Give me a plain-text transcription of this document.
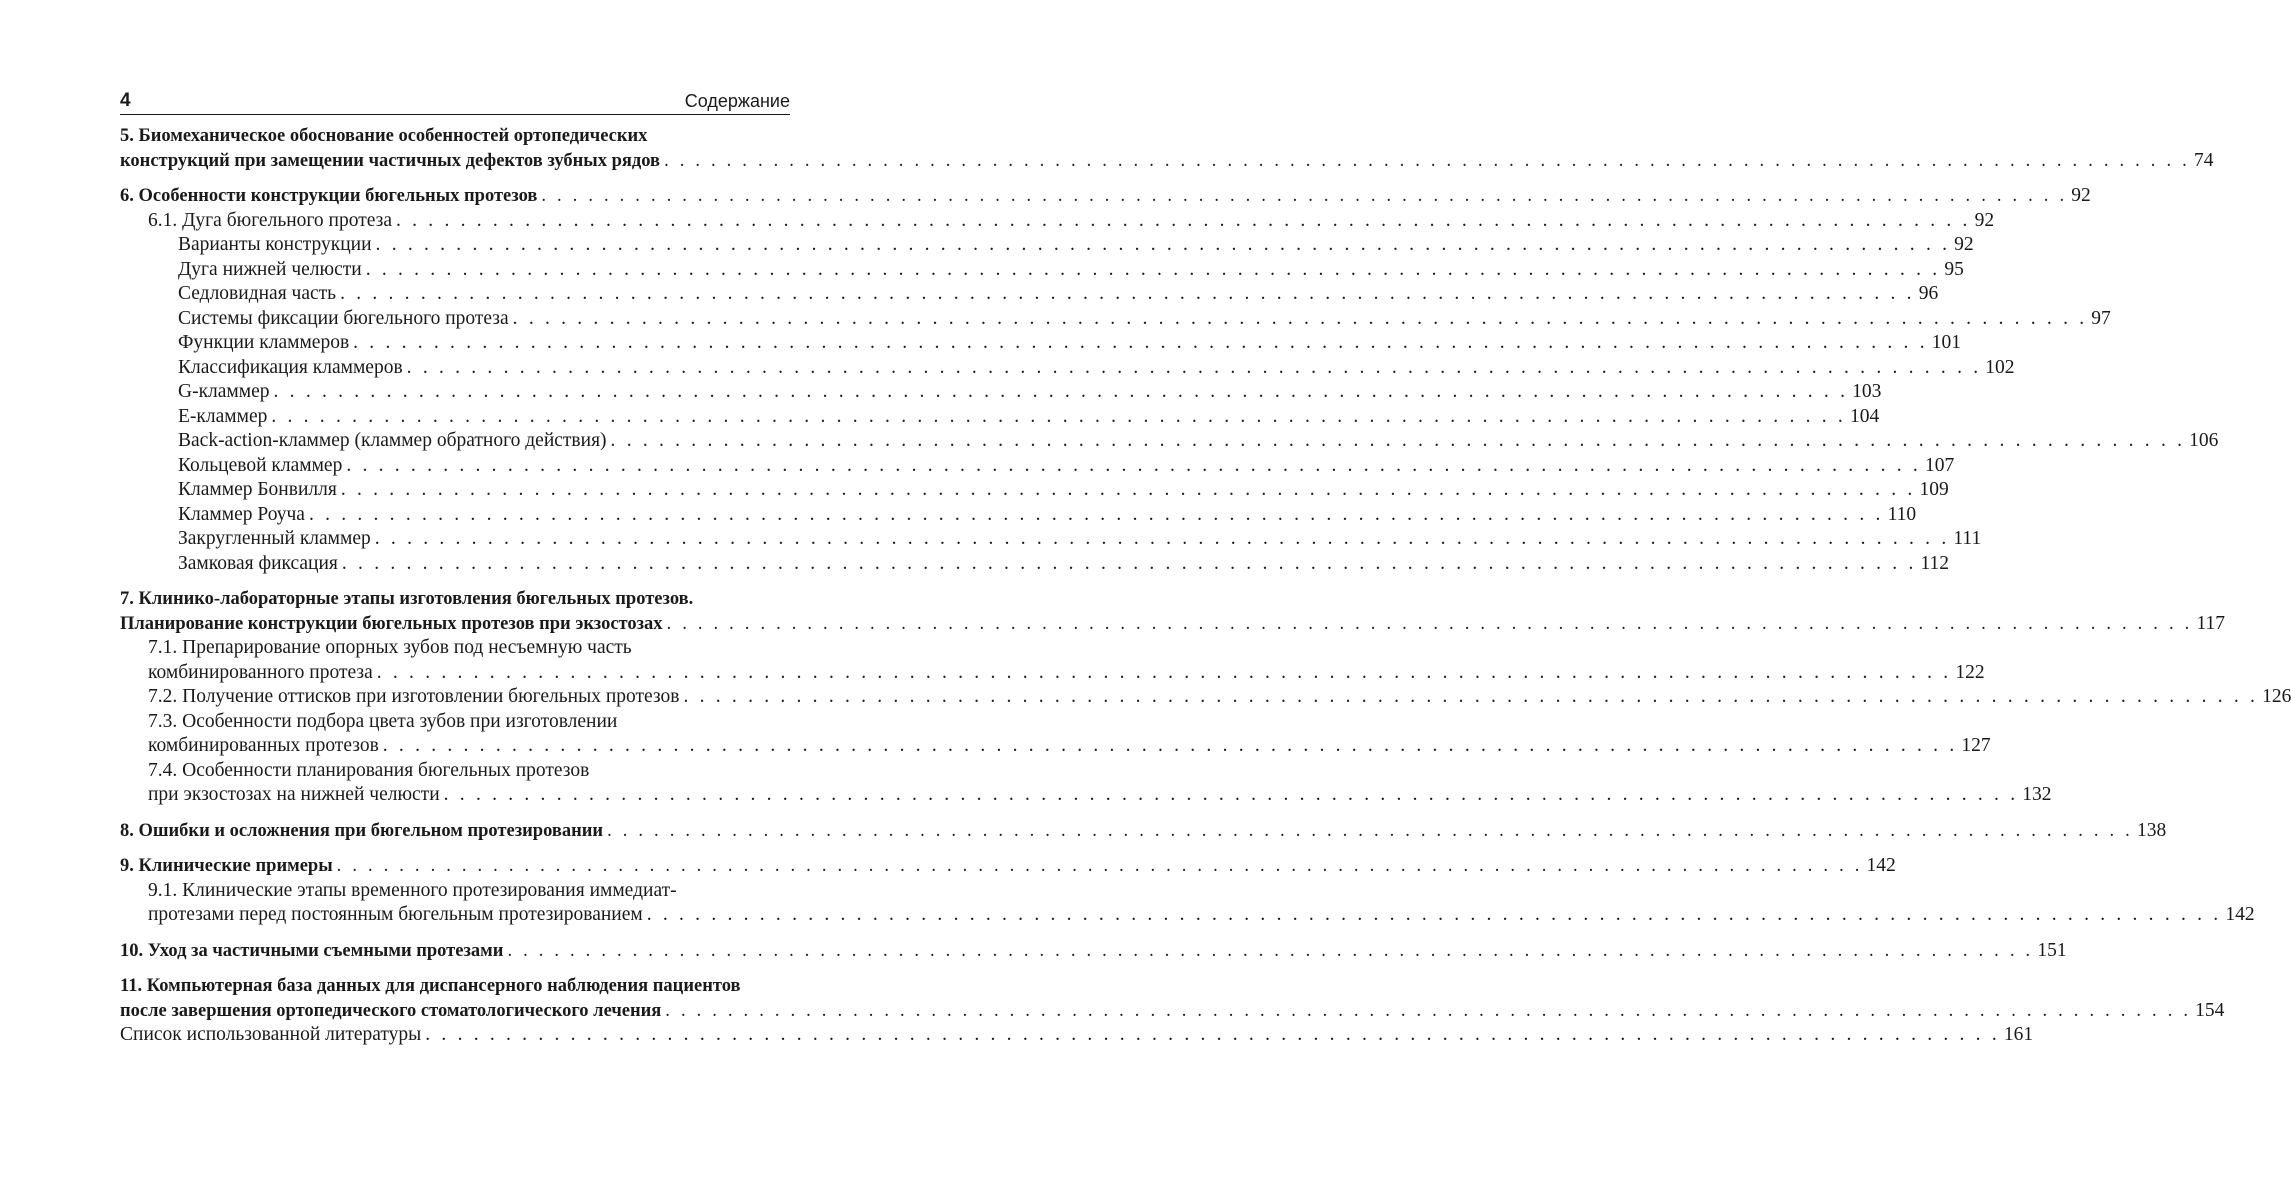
4	Содержание
5. Биомеханическое обоснование особенностей ортопедических
конструкций при замещении частичных дефектов зубных рядов . . .	74
6. Особенности конструкции бюгельных протезов . . .	92
6.1. Дуга бюгельного протеза . . .	92
Варианты конструкции . . .	92
Дуга нижней челюсти . . .	95
Седловидная часть . . .	96
Системы фиксации бюгельного протеза . . .	97
Функции кламмеров . . .	101
Классификация кламмеров . . .	102
G-кламмер . . .	103
E-кламмер . . .	104
Back-action-кламмер (кламмер обратного действия) . . .	106
Кольцевой кламмер . . .	107
Кламмер Бонвилля . . .	109
Кламмер Роуча . . .	110
Закругленный кламмер . . .	111
Замковая фиксация . . .	112
7. Клинико-лабораторные этапы изготовления бюгельных протезов.
Планирование конструкции бюгельных протезов при экзостозах . . .	117
7.1. Препарирование опорных зубов под несъемную часть
комбинированного протеза . . .	122
7.2. Получение оттисков при изготовлении бюгельных протезов . . .	126
7.3. Особенности подбора цвета зубов при изготовлении
комбинированных протезов . . .	127
7.4. Особенности планирования бюгельных протезов
при экзостозах на нижней челюсти . . .	132
8. Ошибки и осложнения при бюгельном протезировании . . .	138
9. Клинические примеры . . .	142
9.1. Клинические этапы временного протезирования иммедиат-
протезами перед постоянным бюгельным протезированием . . .	142
10. Уход за частичными съемными протезами . . .	151
11. Компьютерная база данных для диспансерного наблюдения пациентов
после завершения ортопедического стоматологического лечения . . .	154
Список использованной литературы . . .	161
